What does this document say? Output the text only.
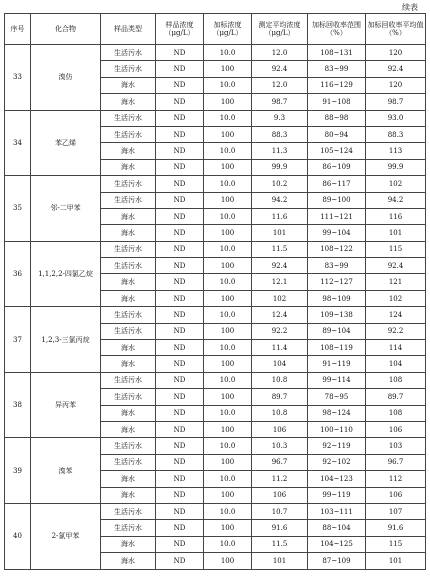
续表
序号	化合物	样品类型	样品浓度（μg/L）	加标浓度（μg/L）	测定平均浓度（μg/L）	加标回收率范围（%）	加标回收率平均值（%）
33	溴仿	生活污水	ND	10.0	12.0	108~131	120
		生活污水	ND	100	92.4	83~99	92.4
		海水	ND	10.0	12.0	116~129	120
		海水	ND	100	98.7	91~108	98.7
34	苯乙烯	生活污水	ND	10.0	9.3	88~98	93.0
		生活污水	ND	100	88.3	80~94	88.3
		海水	ND	10.0	11.3	105~124	113
		海水	ND	100	99.9	86~109	99.9
35	邻-二甲苯	生活污水	ND	10.0	10.2	86~117	102
		生活污水	ND	100	94.2	89~100	94.2
		海水	ND	10.0	11.6	111~121	116
		海水	ND	100	101	99~104	101
36	1,1,2,2-四氯乙烷	生活污水	ND	10.0	11.5	108~122	115
		生活污水	ND	100	92.4	83~99	92.4
		海水	ND	10.0	12.1	112~127	121
		海水	ND	100	102	98~109	102
37	1,2,3-三氯丙烷	生活污水	ND	10.0	12.4	109~138	124
		生活污水	ND	100	92.2	89~104	92.2
		海水	ND	10.0	11.4	108~119	114
		海水	ND	100	104	91~119	104
38	异丙苯	生活污水	ND	10.0	10.8	99~114	108
		生活污水	ND	100	89.7	78~95	89.7
		海水	ND	10.0	10.8	98~124	108
		海水	ND	100	106	100~110	106
39	溴苯	生活污水	ND	10.0	10.3	92~119	103
		生活污水	ND	100	96.7	92~102	96.7
		海水	ND	10.0	11.2	104~123	112
		海水	ND	100	106	99~119	106
40	2-氯甲苯	生活污水	ND	10.0	10.7	103~111	107
		生活污水	ND	100	91.6	88~104	91.6
		海水	ND	10.0	11.5	104~125	115
		海水	ND	100	101	87~109	101
